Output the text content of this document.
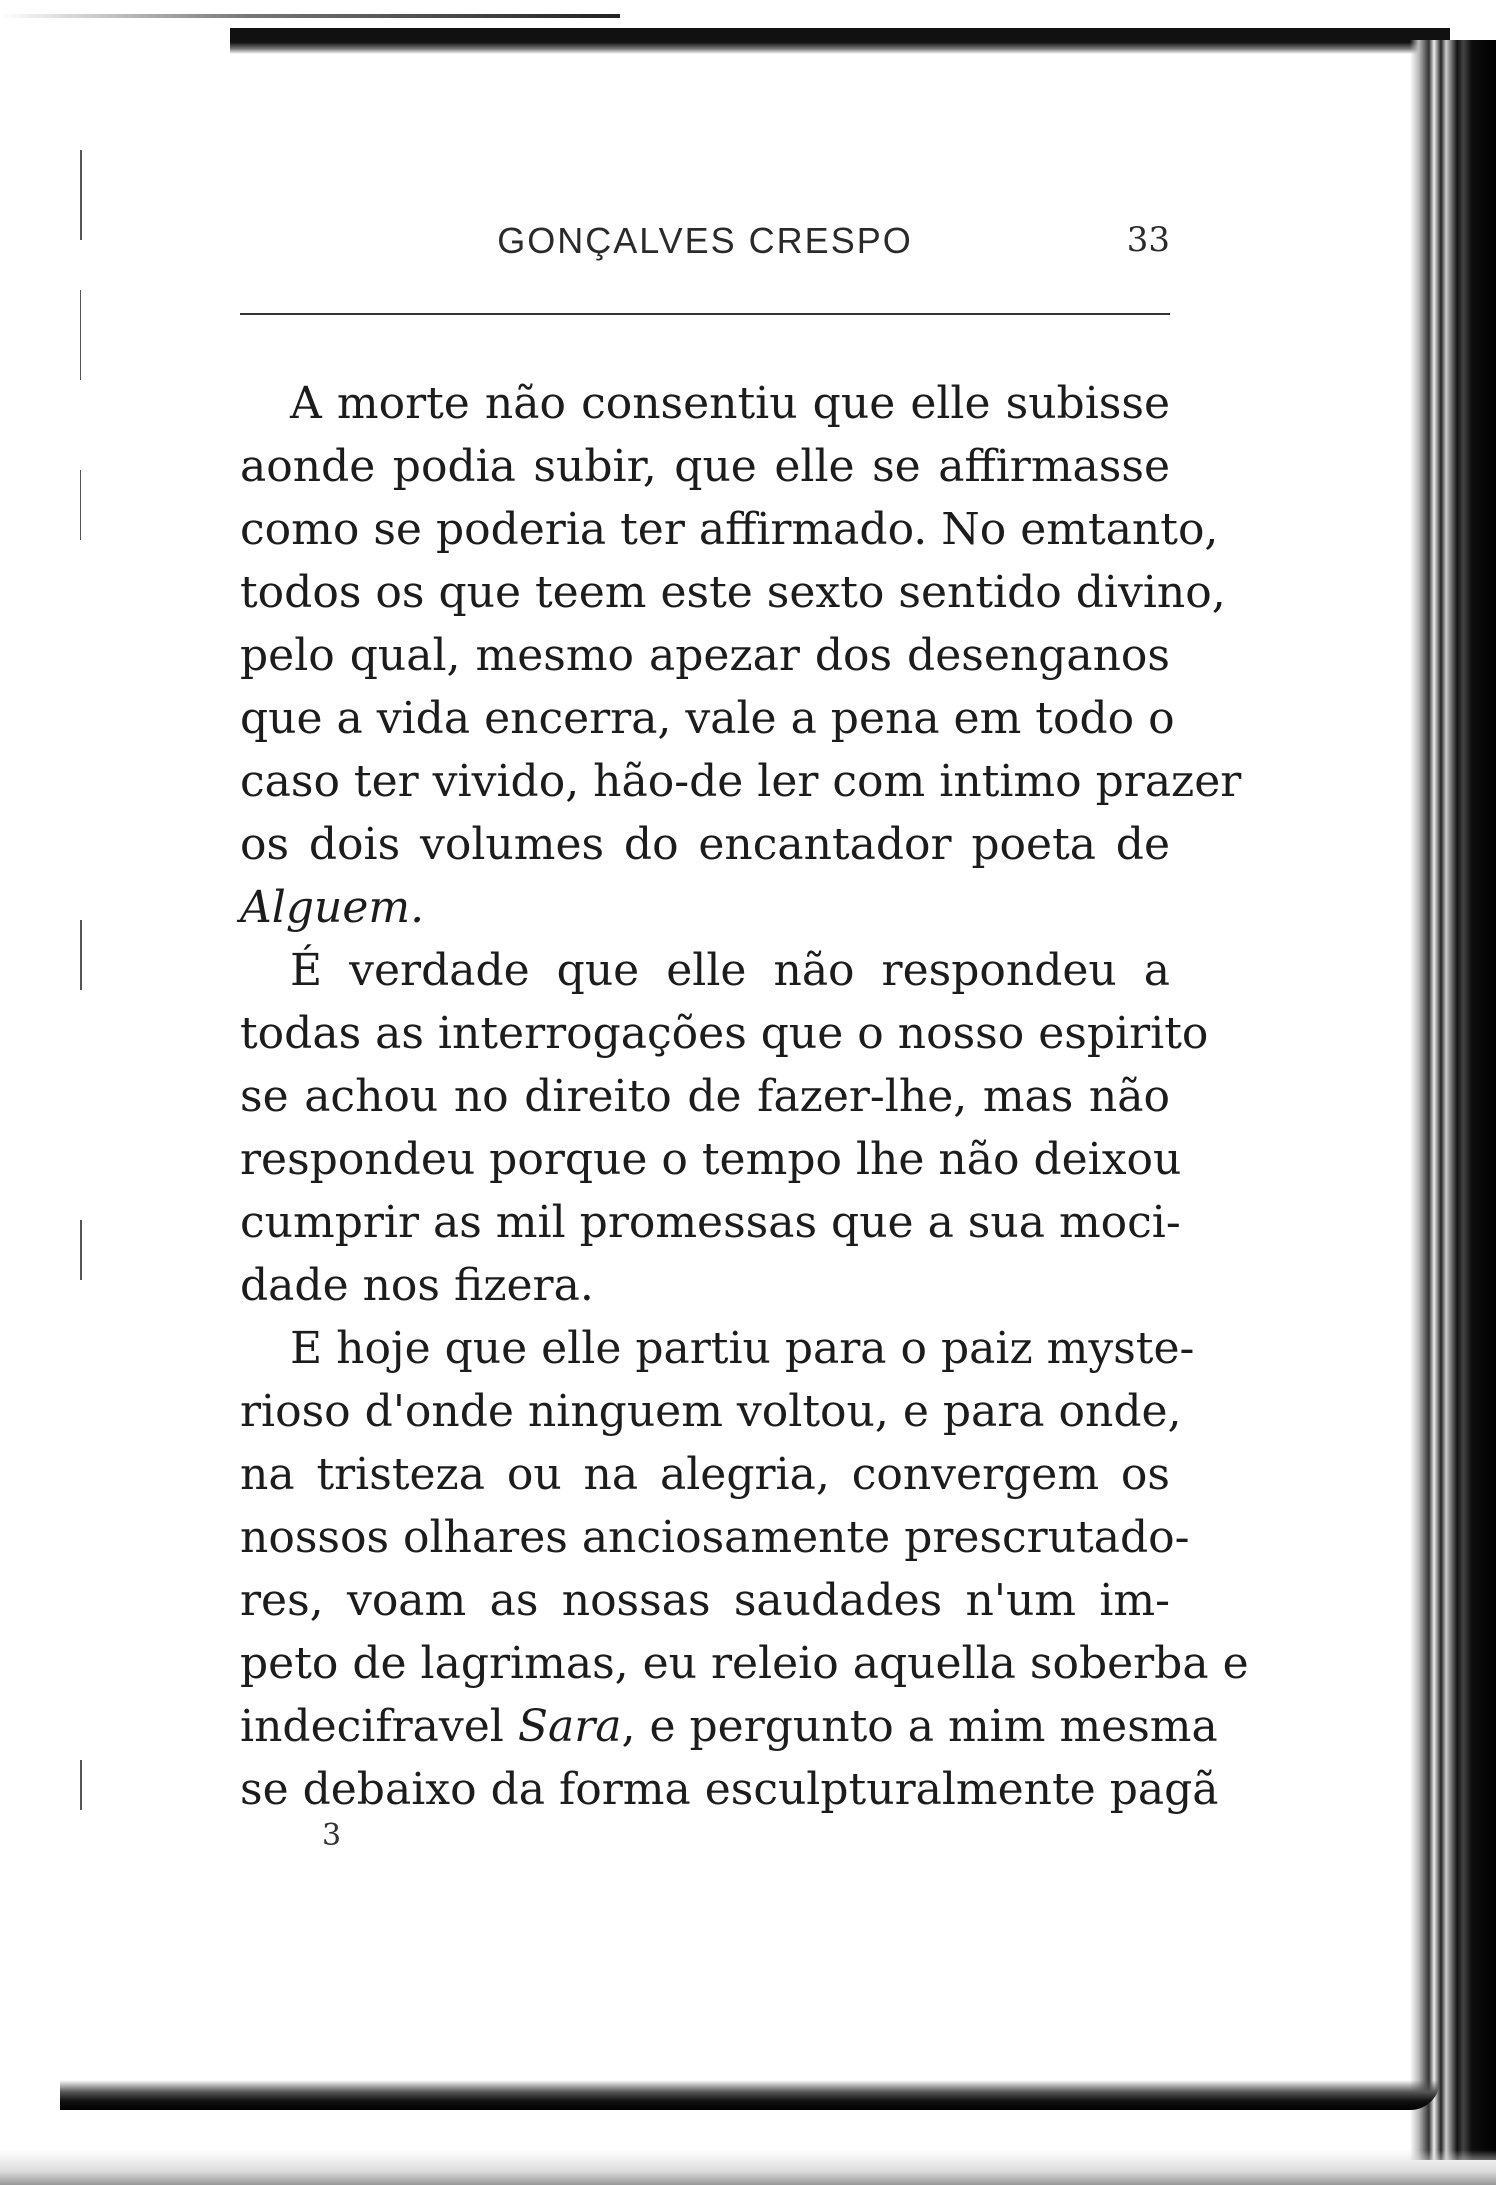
GONÇALVES CRESPO	33
A morte não consentiu que elle subisse
aonde podia subir, que elle se affirmasse
como se poderia ter affirmado. No emtanto,
todos os que teem este sexto sentido divino,
pelo qual, mesmo apezar dos desenganos
que a vida encerra, vale a pena em todo o
caso ter vivido, hão-de ler com intimo prazer
os dois volumes do encantador poeta de
Alguem.
É verdade que elle não respondeu a
todas as interrogações que o nosso espirito
se achou no direito de fazer-lhe, mas não
respondeu porque o tempo lhe não deixou
cumprir as mil promessas que a sua moci-
dade nos fizera.
E hoje que elle partiu para o paiz myste-
rioso d'onde ninguem voltou, e para onde,
na tristeza ou na alegria, convergem os
nossos olhares anciosamente prescrutado-
res, voam as nossas saudades n'um im-
peto de lagrimas, eu releio aquella soberba e
indecifravel Sara, e pergunto a mim mesma
se debaixo da forma esculpturalmente pagã
3
